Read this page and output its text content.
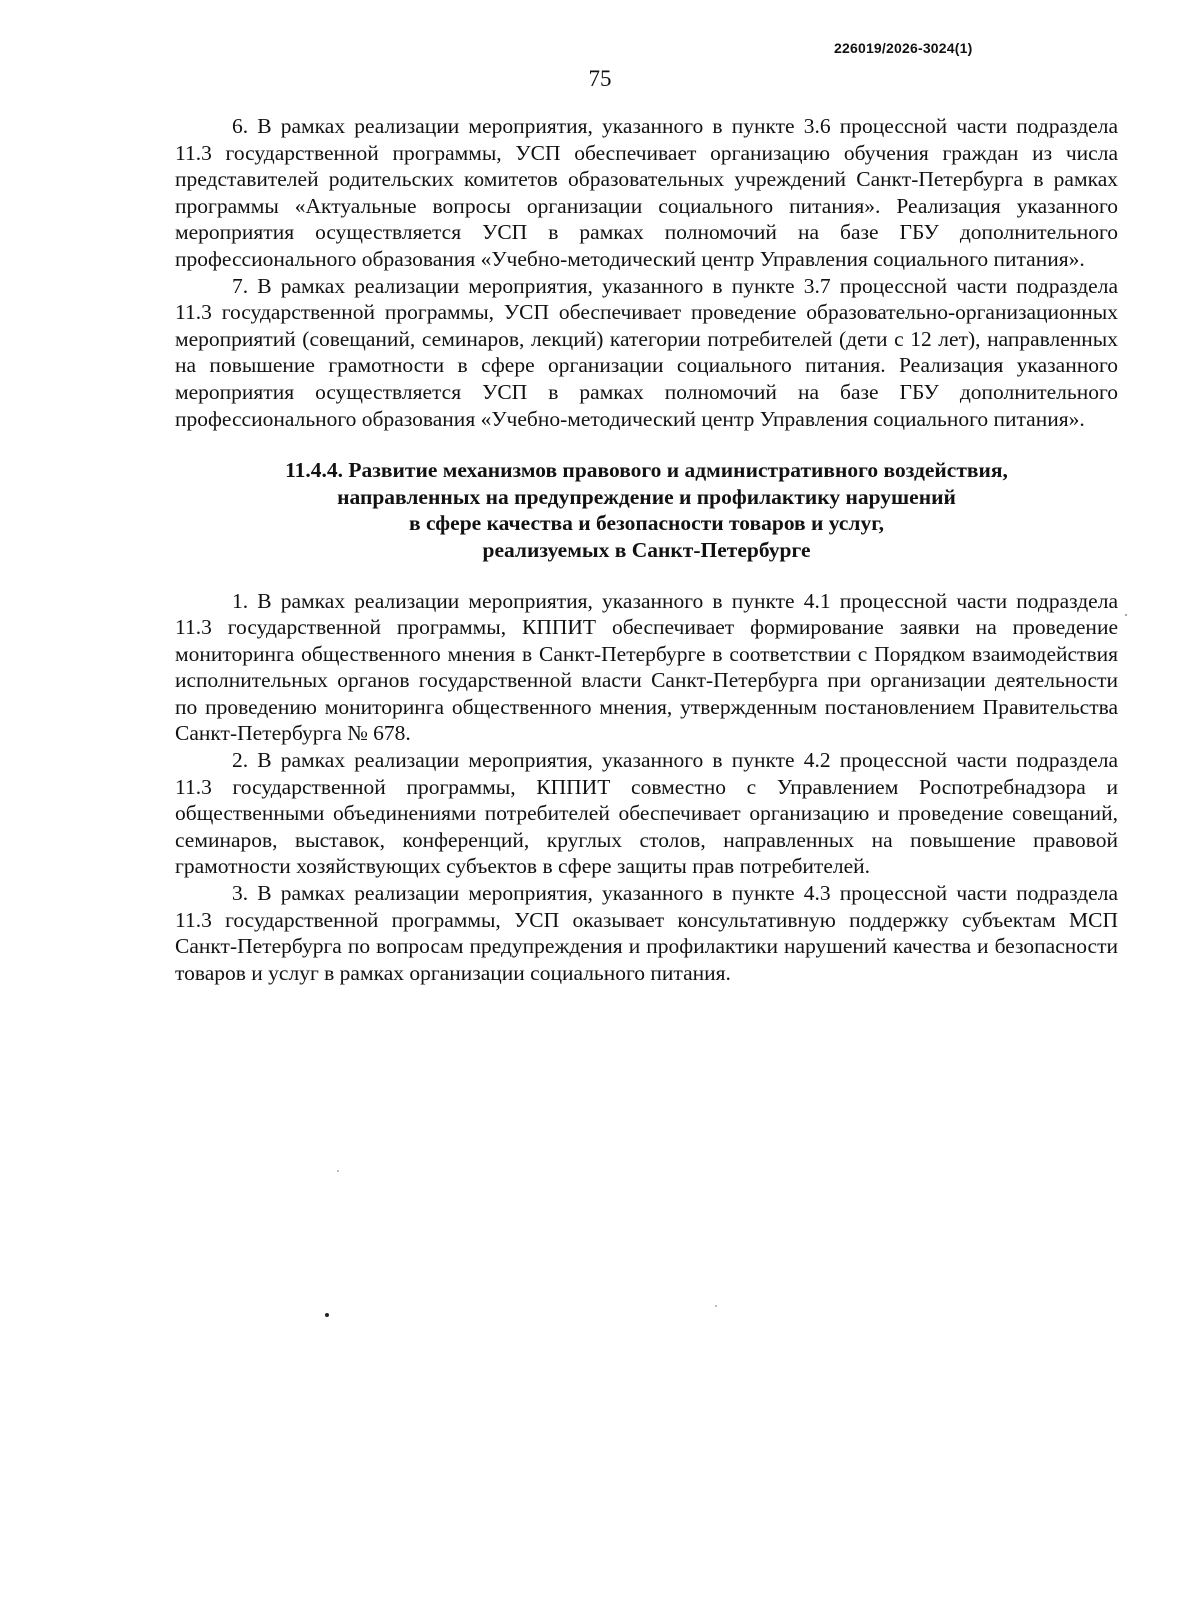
226019/2026-3024(1)
75

6. В рамках реализации мероприятия, указанного в пункте 3.6 процессной части подраздела 11.3 государственной программы, УСП обеспечивает организацию обучения граждан из числа представителей родительских комитетов образовательных учреждений Санкт-Петербурга в рамках программы «Актуальные вопросы организации социального питания». Реализация указанного мероприятия осуществляется УСП в рамках полномочий на базе ГБУ дополнительного профессионального образования «Учебно-методический центр Управления социального питания».

7. В рамках реализации мероприятия, указанного в пункте 3.7 процессной части подраздела 11.3 государственной программы, УСП обеспечивает проведение образовательно-организационных мероприятий (совещаний, семинаров, лекций) категории потребителей (дети с 12 лет), направленных на повышение грамотности в сфере организации социального питания. Реализация указанного мероприятия осуществляется УСП в рамках полномочий на базе ГБУ дополнительного профессионального образования «Учебно-методический центр Управления социального питания».

11.4.4. Развитие механизмов правового и административного воздействия,
направленных на предупреждение и профилактику нарушений
в сфере качества и безопасности товаров и услуг,
реализуемых в Санкт-Петербурге

1. В рамках реализации мероприятия, указанного в пункте 4.1 процессной части подраздела 11.3 государственной программы, КППИТ обеспечивает формирование заявки на проведение мониторинга общественного мнения в Санкт-Петербурге в соответствии с Порядком взаимодействия исполнительных органов государственной власти Санкт-Петербурга при организации деятельности по проведению мониторинга общественного мнения, утвержденным постановлением Правительства Санкт-Петербурга № 678.

2. В рамках реализации мероприятия, указанного в пункте 4.2 процессной части подраздела 11.3 государственной программы, КППИТ совместно с Управлением Роспотребнадзора и общественными объединениями потребителей обеспечивает организацию и проведение совещаний, семинаров, выставок, конференций, круглых столов, направленных на повышение правовой грамотности хозяйствующих субъектов в сфере защиты прав потребителей.

3. В рамках реализации мероприятия, указанного в пункте 4.3 процессной части подраздела 11.3 государственной программы, УСП оказывает консультативную поддержку субъектам МСП Санкт-Петербурга по вопросам предупреждения и профилактики нарушений качества и безопасности товаров и услуг в рамках организации социального питания.
